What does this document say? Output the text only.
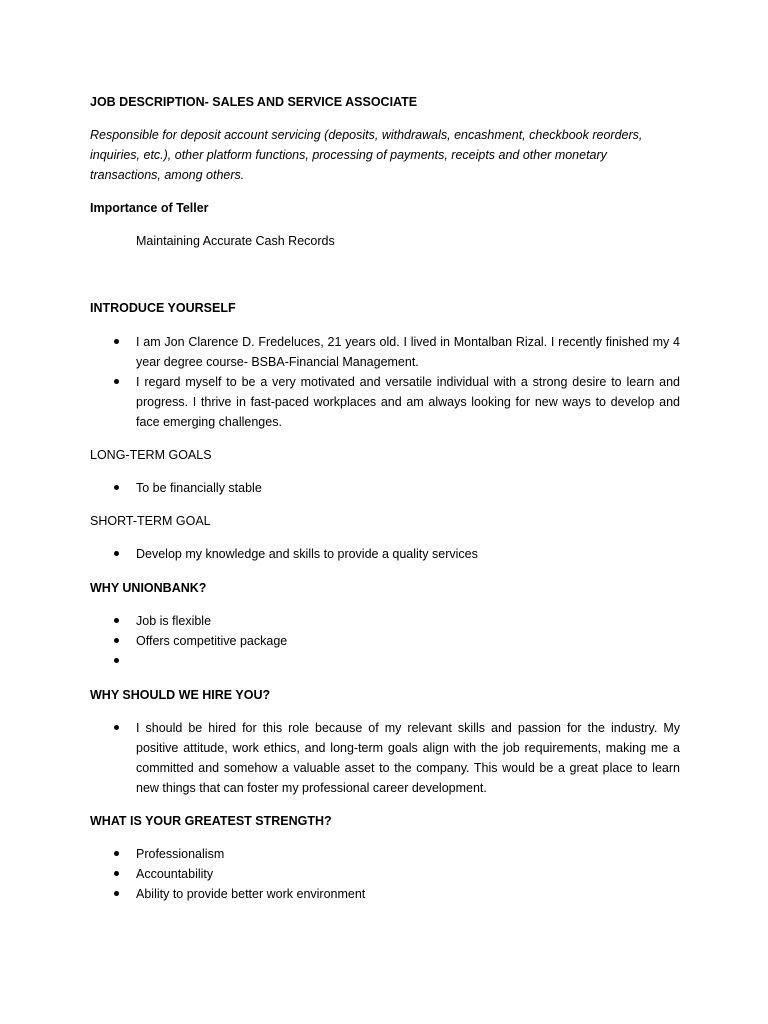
JOB DESCRIPTION- SALES AND SERVICE ASSOCIATE
Responsible for deposit account servicing (deposits, withdrawals, encashment, checkbook reorders, inquiries, etc.), other platform functions, processing of payments, receipts and other monetary transactions, among others.
Importance of Teller
Maintaining Accurate Cash Records
INTRODUCE YOURSELF
I am Jon Clarence D. Fredeluces, 21 years old. I lived in Montalban Rizal. I recently finished my 4 year degree course- BSBA-Financial Management.
I regard myself to be a very motivated and versatile individual with a strong desire to learn and progress. I thrive in fast-paced workplaces and am always looking for new ways to develop and face emerging challenges.
LONG-TERM GOALS
To be financially stable
SHORT-TERM GOAL
Develop my knowledge and skills to provide a quality services
WHY UNIONBANK?
Job is flexible
Offers competitive package
WHY SHOULD WE HIRE YOU?
I should be hired for this role because of my relevant skills and passion for the industry. My positive attitude, work ethics, and long-term goals align with the job requirements, making me a committed and somehow a valuable asset to the company. This would be a great place to learn new things that can foster my professional career development.
WHAT IS YOUR GREATEST STRENGTH?
Professionalism
Accountability
Ability to provide better work environment
